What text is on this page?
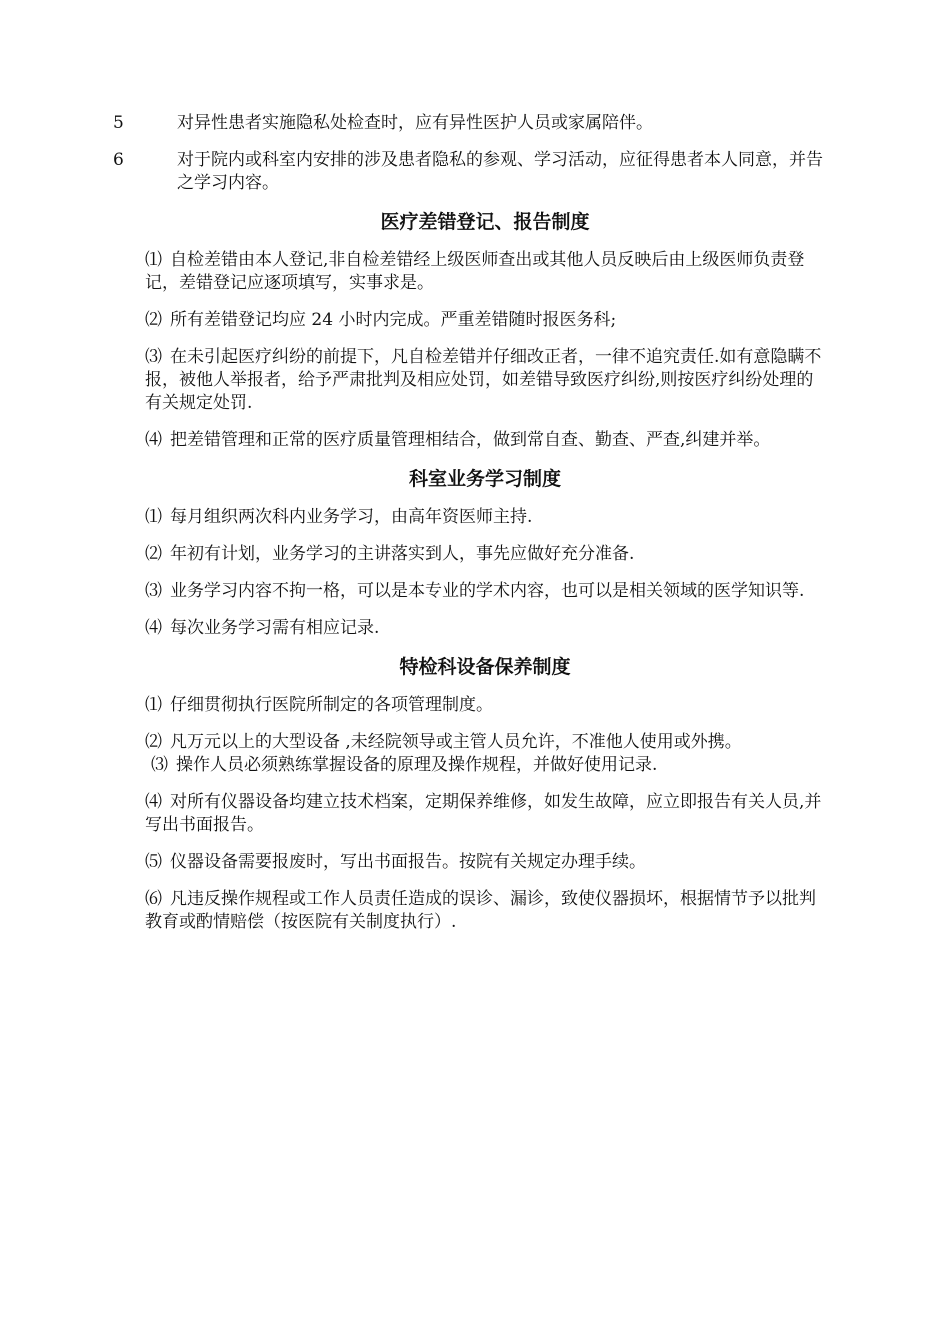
5	对异性患者实施隐私处检查时，应有异性医护人员或家属陪伴。

6	对于院内或科室内安排的涉及患者隐私的参观、学习活动，应征得患者本人同意，并告之学习内容。

医疗差错登记、报告制度

⑴ 自检差错由本人登记,非自检差错经上级医师查出或其他人员反映后由上级医师负责登记，差错登记应逐项填写，实事求是。

⑵ 所有差错登记均应 24 小时内完成。严重差错随时报医务科;

⑶ 在未引起医疗纠纷的前提下，凡自检差错并仔细改正者，一律不追究责任.如有意隐瞒不报，被他人举报者，给予严肃批判及相应处罚，如差错导致医疗纠纷,则按医疗纠纷处理的有关规定处罚.

⑷ 把差错管理和正常的医疗质量管理相结合，做到常自查、勤查、严查,纠建并举。

科室业务学习制度

⑴ 每月组织两次科内业务学习，由高年资医师主持.

⑵ 年初有计划，业务学习的主讲落实到人，事先应做好充分准备.

⑶ 业务学习内容不拘一格，可以是本专业的学术内容，也可以是相关领域的医学知识等.

⑷ 每次业务学习需有相应记录.

特检科设备保养制度

⑴ 仔细贯彻执行医院所制定的各项管理制度。

⑵ 凡万元以上的大型设备 ,未经院领导或主管人员允许，不准他人使用或外携。

⑶ 操作人员必须熟练掌握设备的原理及操作规程，并做好使用记录.

⑷ 对所有仪器设备均建立技术档案，定期保养维修，如发生故障，应立即报告有关人员,并写出书面报告。

⑸ 仪器设备需要报废时，写出书面报告。按院有关规定办理手续。

⑹ 凡违反操作规程或工作人员责任造成的误诊、漏诊，致使仪器损坏，根据情节予以批判教育或酌情赔偿（按医院有关制度执行）.
